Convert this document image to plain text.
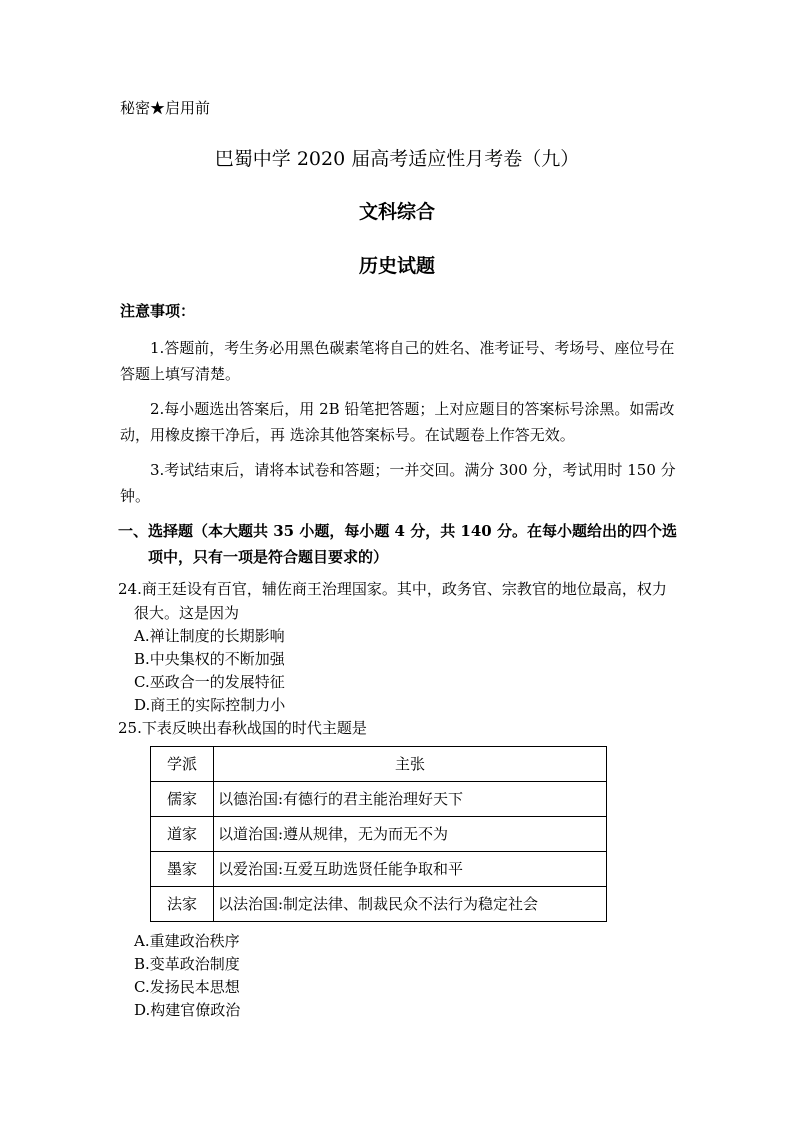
秘密★启用前
巴蜀中学 2020 届高考适应性月考卷（九）
文科综合
历史试题
注意事项：
1.答题前，考生务必用黑色碳素笔将自己的姓名、准考证号、考场号、座位号在答题上填写清楚。
2.每小题选出答案后，用 2B 铅笔把答题；上对应题目的答案标号涂黑。如需改动，用橡皮擦干净后，再 选涂其他答案标号。在试题卷上作答无效。
3.考试结束后，请将本试卷和答题；一并交回。满分 300 分，考试用时 150 分钟。
一、选择题（本大题共 35 小题，每小题 4 分，共 140 分。在每小题给出的四个选项中，只有一项是符合题目要求的）
24.商王廷设有百官，辅佐商王治理国家。其中，政务官、宗教官的地位最高，权力很大。这是因为
A.禅让制度的长期影响
B.中央集权的不断加强
C.巫政合一的发展特征
D.商王的实际控制力小
25.下表反映出春秋战国的时代主题是
学派	主张
儒家	以德治国:有德行的君主能治理好天下
道家	以道治国:遵从规律，无为而无不为
墨家	以爱治国:互爱互助选贤任能争取和平
法家	以法治国:制定法律、制裁民众不法行为稳定社会
A.重建政治秩序
B.变革政治制度
C.发扬民本思想
D.构建官僚政治
